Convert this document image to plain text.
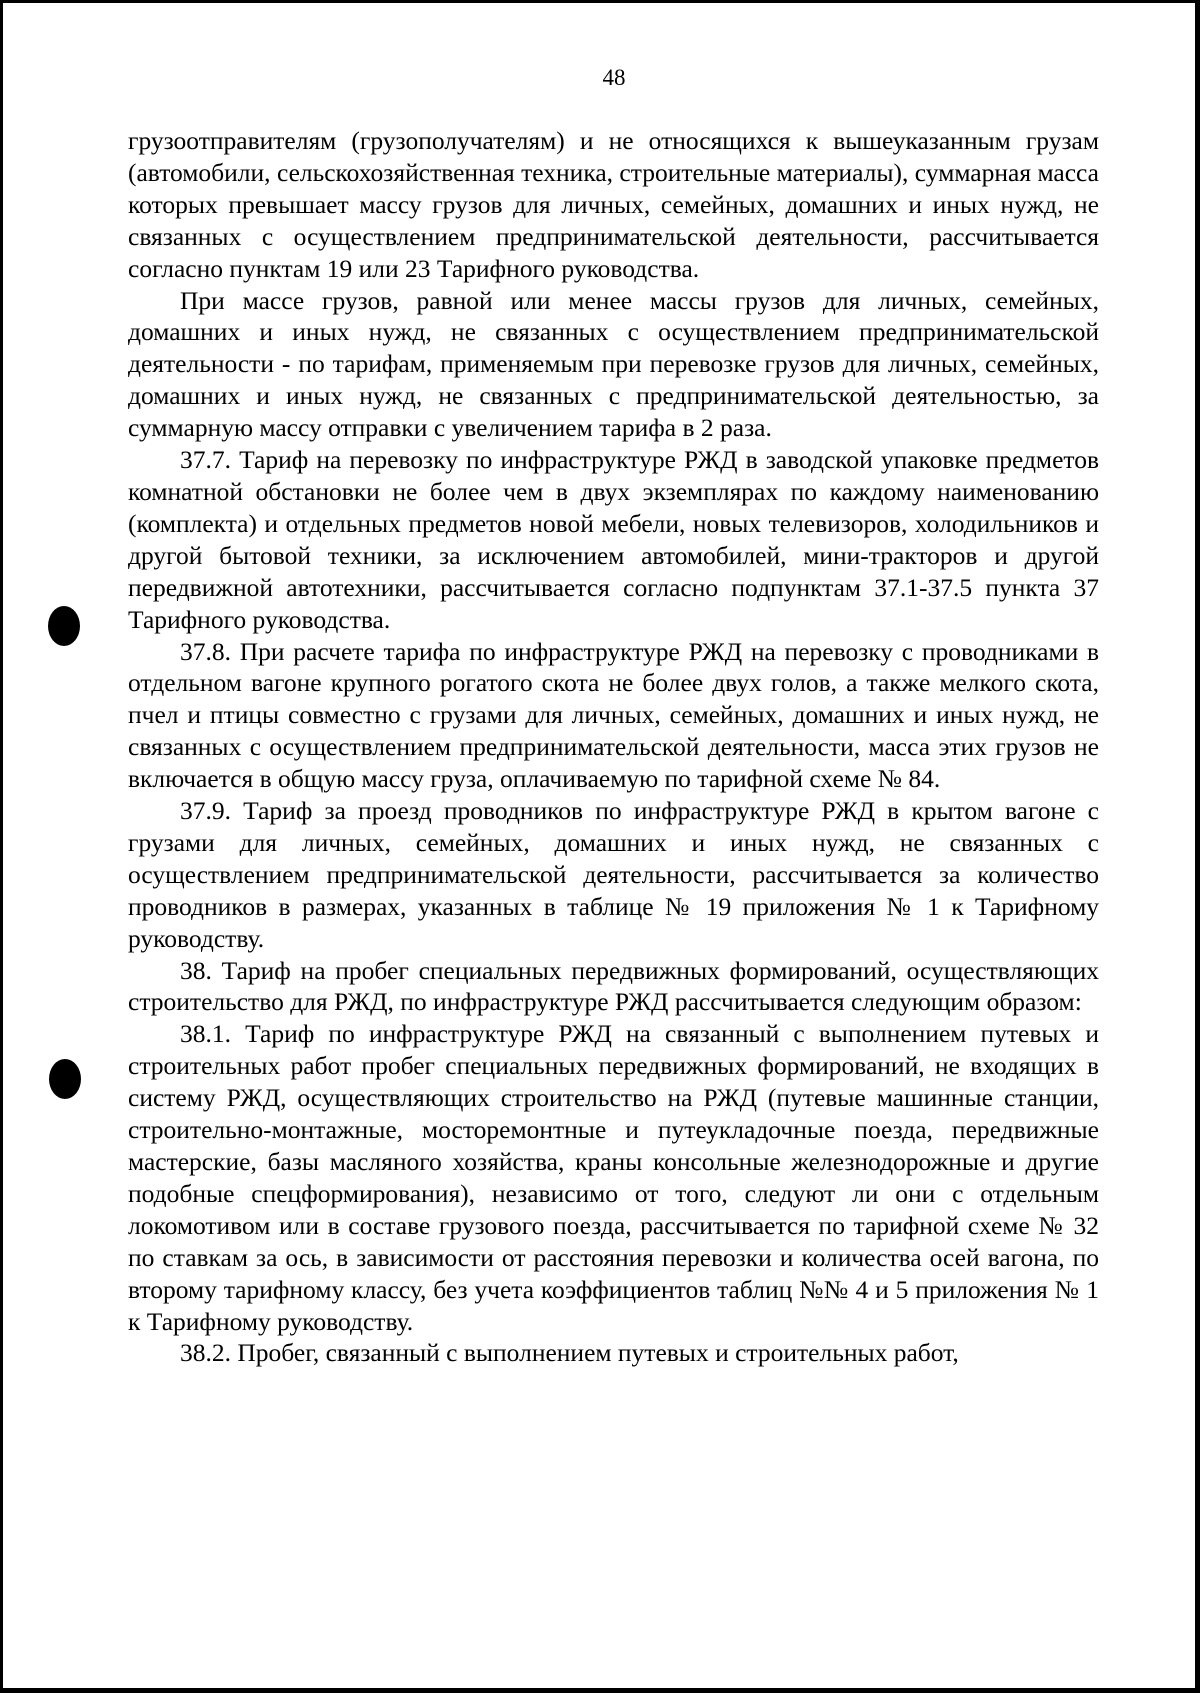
48

грузоотправителям (грузополучателям) и не относящихся к вышеуказанным грузам (автомобили, сельскохозяйственная техника, строительные материалы), суммарная масса которых превышает массу грузов для личных, семейных, домашних и иных нужд, не связанных с осуществлением предпринимательской деятельности, рассчитывается согласно пунктам 19 или 23 Тарифного руководства.

При массе грузов, равной или менее массы грузов для личных, семейных, домашних и иных нужд, не связанных с осуществлением предпринимательской деятельности - по тарифам, применяемым при перевозке грузов для личных, семейных, домашних и иных нужд, не связанных с предпринимательской деятельностью, за суммарную массу отправки с увеличением тарифа в 2 раза.

37.7. Тариф на перевозку по инфраструктуре РЖД в заводской упаковке предметов комнатной обстановки не более чем в двух экземплярах по каждому наименованию (комплекта) и отдельных предметов новой мебели, новых телевизоров, холодильников и другой бытовой техники, за исключением автомобилей, мини-тракторов и другой передвижной автотехники, рассчитывается согласно подпунктам 37.1-37.5 пункта 37 Тарифного руководства.

37.8. При расчете тарифа по инфраструктуре РЖД на перевозку с проводниками в отдельном вагоне крупного рогатого скота не более двух голов, а также мелкого скота, пчел и птицы совместно с грузами для личных, семейных, домашних и иных нужд, не связанных с осуществлением предпринимательской деятельности, масса этих грузов не включается в общую массу груза, оплачиваемую по тарифной схеме № 84.

37.9. Тариф за проезд проводников по инфраструктуре РЖД в крытом вагоне с грузами для личных, семейных, домашних и иных нужд, не связанных с осуществлением предпринимательской деятельности, рассчитывается за количество проводников в размерах, указанных в таблице № 19 приложения № 1 к Тарифному руководству.

38. Тариф на пробег специальных передвижных формирований, осуществляющих строительство для РЖД, по инфраструктуре РЖД рассчитывается следующим образом:

38.1. Тариф по инфраструктуре РЖД на связанный с выполнением путевых и строительных работ пробег специальных передвижных формирований, не входящих в систему РЖД, осуществляющих строительство на РЖД (путевые машинные станции, строительно-монтажные, мосторемонтные и путеукладочные поезда, передвижные мастерские, базы масляного хозяйства, краны консольные железнодорожные и другие подобные спецформирования), независимо от того, следуют ли они с отдельным локомотивом или в составе грузового поезда, рассчитывается по тарифной схеме № 32 по ставкам за ось, в зависимости от расстояния перевозки и количества осей вагона, по второму тарифному классу, без учета коэффициентов таблиц №№ 4 и 5 приложения № 1 к Тарифному руководству.

38.2. Пробег, связанный с выполнением путевых и строительных работ,
